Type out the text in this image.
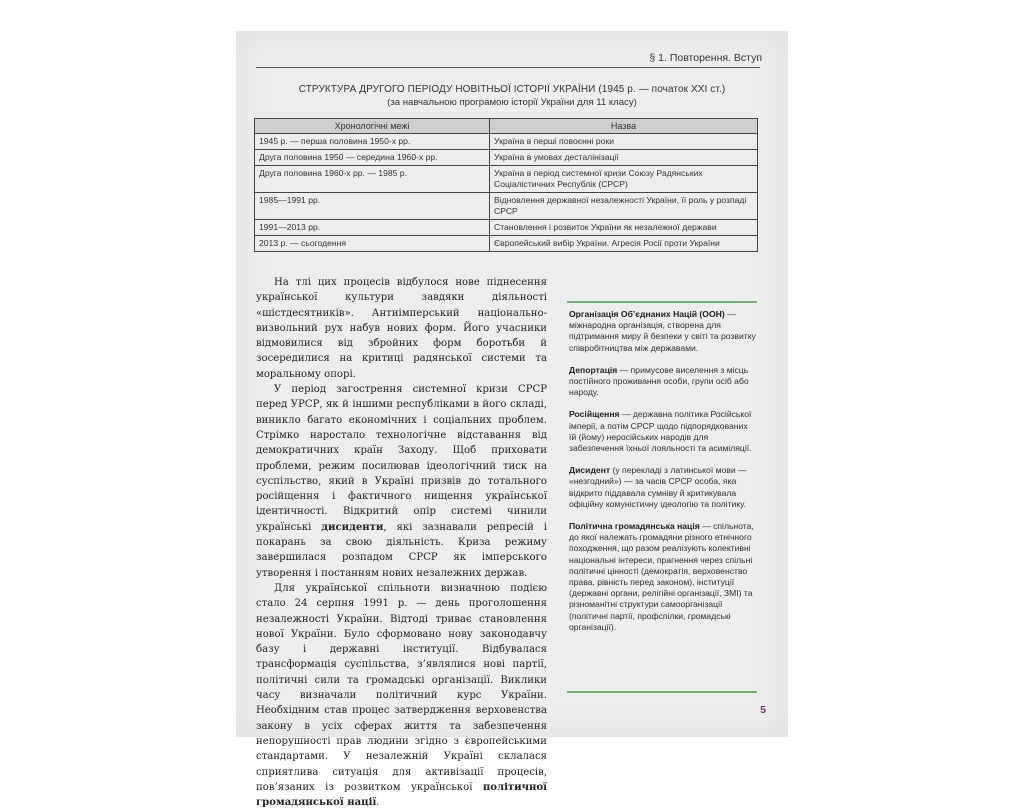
§ 1. Повторення. Вступ
СТРУКТУРА ДРУГОГО ПЕРІОДУ НОВІТНЬОЇ ІСТОРІЇ УКРАЇНИ (1945 р. — початок ХХІ ст.)
(за навчальною програмою історії України для 11 класу)
Хронологічні межі	Назва
1945 р. — перша половина 1950-х рр.	Україна в перші повоєнні роки
Друга половина 1950 — середина 1960-х рр.	Україна в умовах десталінізації
Друга половина 1960-х рр. — 1985 р.	Україна в період системної кризи Союзу Радянських Соціалістичних Республік (СРСР)
1985—1991 рр.	Відновлення державної незалежності України, її роль у розпаді СРСР
1991—2013 рр.	Становлення і розвиток України як незалежної держави
2013 р. — сьогодення	Європейський вибір України. Агресія Росії проти України

На тлі цих процесів відбулося нове піднесення української культури завдяки діяльності «шістдесятників». Антиімперський національно-визвольний рух набув нових форм. Його учасники відмовилися від збройних форм боротьби й зосередилися на критиці радянської системи та моральному опорі.

У період загострення системної кризи СРСР перед УРСР, як й іншими республіками в його складі, виникло багато економічних і соціальних проблем. Стрімко наростало технологічне відставання від демократичних країн Заходу. Щоб приховати проблеми, режим посилював ідеологічний тиск на суспільство, який в Україні призвів до тотального російщення і фактичного нищення української ідентичності. Відкритий опір системі чинили українські дисиденти, які зазнавали репресій і покарань за свою діяльність. Криза режиму завершилася розпадом СРСР як імперського утворення і постанням нових незалежних держав.

Для української спільноти визначною подією стало 24 серпня 1991 р. — день проголошення незалежності України. Відтоді триває становлення нової України. Було сформовано нову законодавчу базу і державні інституції. Відбувалася трансформація суспільства, з’являлися нові партії, політичні сили та громадські організації. Виклики часу визначали політичний курс України. Необхідним став процес затвердження верховенства закону в усіх сферах життя та забезпечення непорушності прав людини згідно з європейськими стандартами. У незалежній Україні склалася сприятлива ситуація для активізації процесів, пов’язаних із розвитком української політичної громадянської нації.

Організація Об’єднаних Націй (ООН) — міжнародна організація, створена для підтримання миру й безпеки у світі та розвитку співробітництва між державами.
Депортація — примусове виселення з місць постійного проживання особи, групи осіб або народу.
Російщення — державна політика Російської імперії, а потім СРСР щодо підпорядкованих їй (йому) неросійських народів для забезпечення їхньої лояльності та асиміляції.
Дисидент (у перекладі з латинської мови — «незгодний») — за часів СРСР особа, яка відкрито піддавала сумніву й критикувала офіційну комуністичну ідеологію та політику.
Політична громадянська нація — спільнота, до якої належать громадяни різного етнічного походження, що разом реалізують колективні національні інтереси, прагнення через спільні політичні цінності (демократія, верховенство права, рівність перед законом), інституції (державні органи, релігійні організації, ЗМІ) та різноманітні структури самоорганізації (політичні партії, профспілки, громадські організації).
5
